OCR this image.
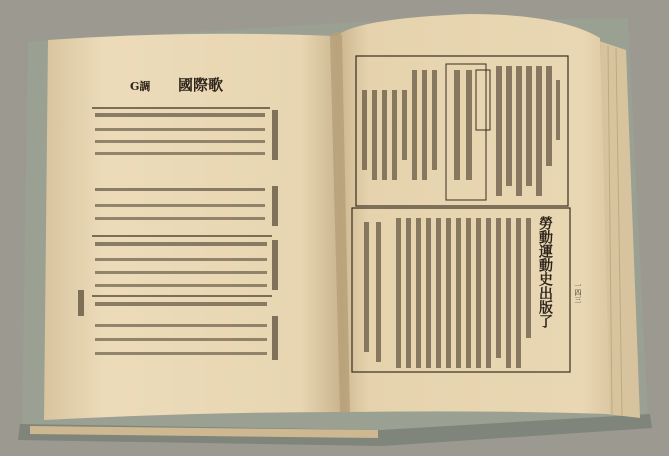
國際歌
G調
勞動運動史出版了	一四三
